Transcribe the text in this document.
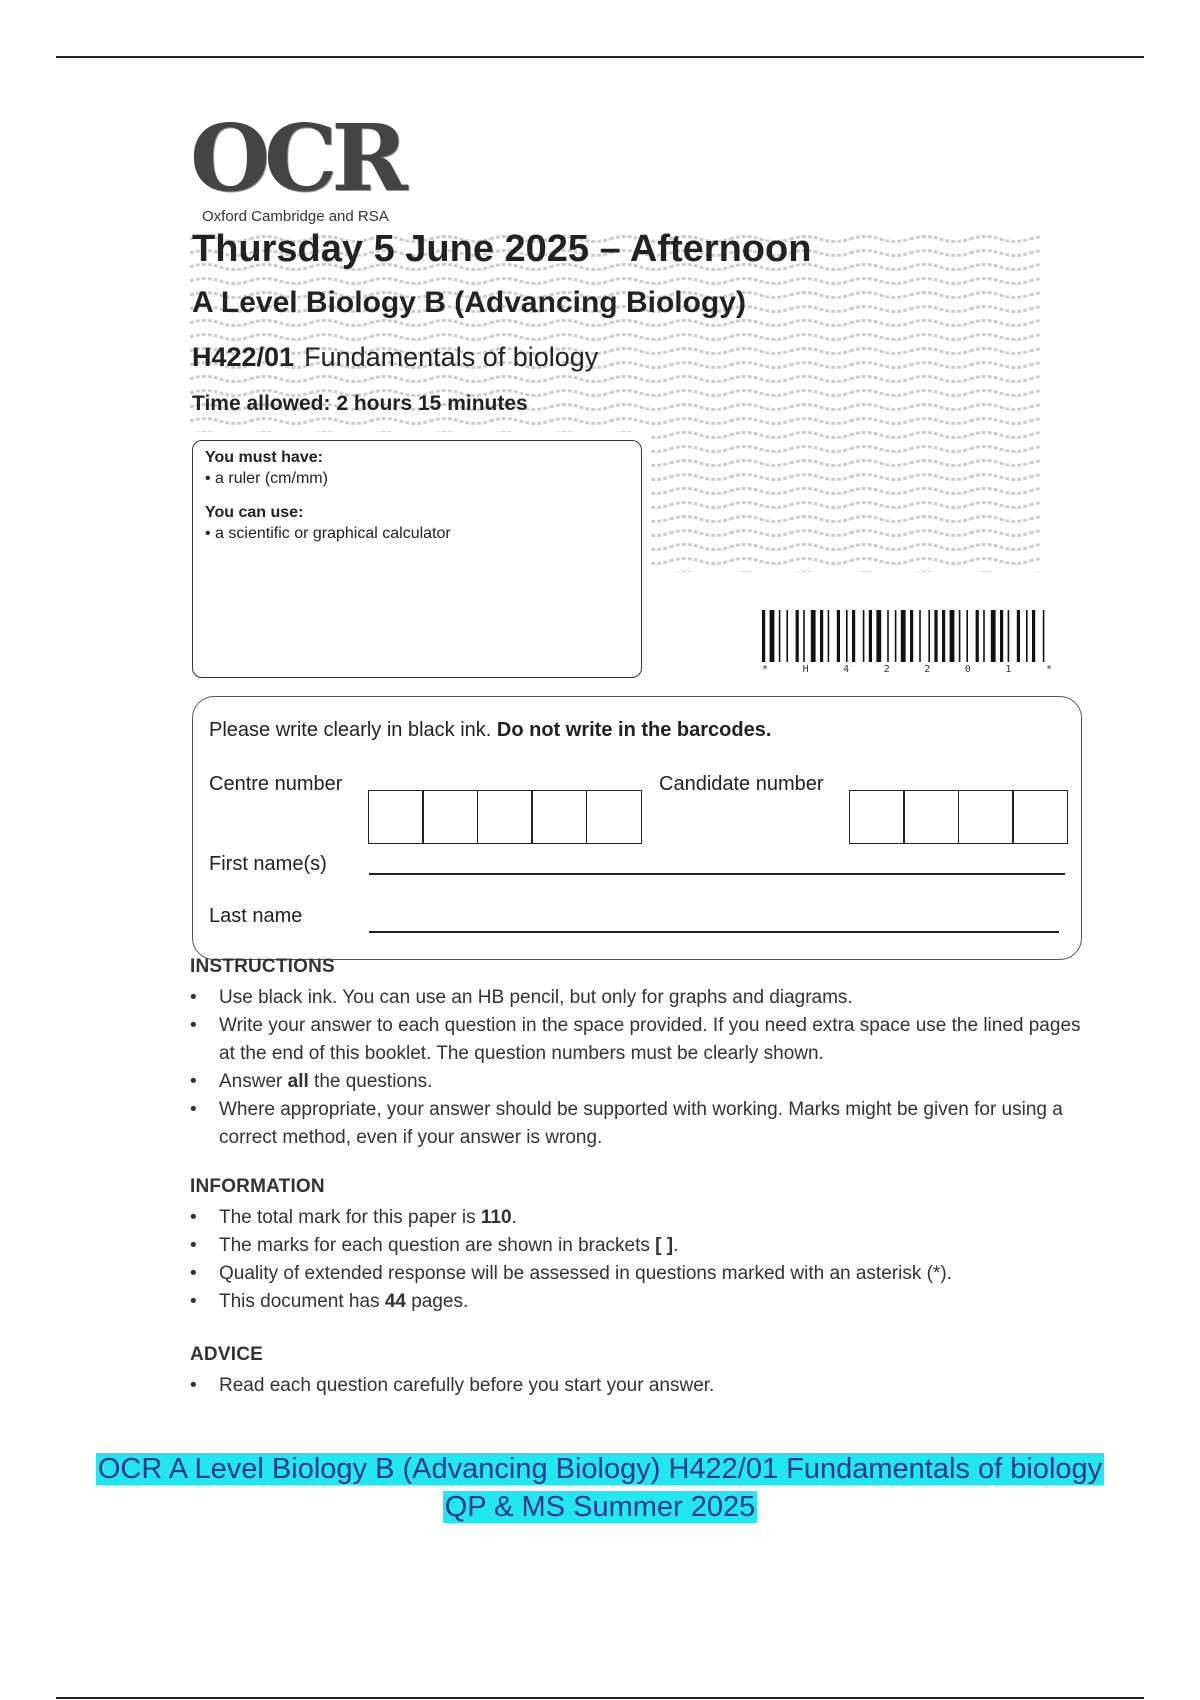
OCR
Oxford Cambridge and RSA
Thursday 5 June 2025 – Afternoon
A Level Biology B (Advancing Biology)
H422/01 Fundamentals of biology
Time allowed: 2 hours 15 minutes
You must have:
• a ruler (cm/mm)
You can use:
• a scientific or graphical calculator
*	H	4	2	2	0	1	*
Please write clearly in black ink. Do not write in the barcodes.
Centre number	Candidate number
First name(s)
Last name
INSTRUCTIONS
• Use black ink. You can use an HB pencil, but only for graphs and diagrams.
• Write your answer to each question in the space provided. If you need extra space use the lined pages at the end of this booklet. The question numbers must be clearly shown.
• Answer all the questions.
• Where appropriate, your answer should be supported with working. Marks might be given for using a correct method, even if your answer is wrong.
INFORMATION
• The total mark for this paper is 110.
• The marks for each question are shown in brackets [ ].
• Quality of extended response will be assessed in questions marked with an asterisk (*).
• This document has 44 pages.
ADVICE
• Read each question carefully before you start your answer.
OCR A Level Biology B (Advancing Biology) H422/01 Fundamentals of biology
QP & MS Summer 2025
